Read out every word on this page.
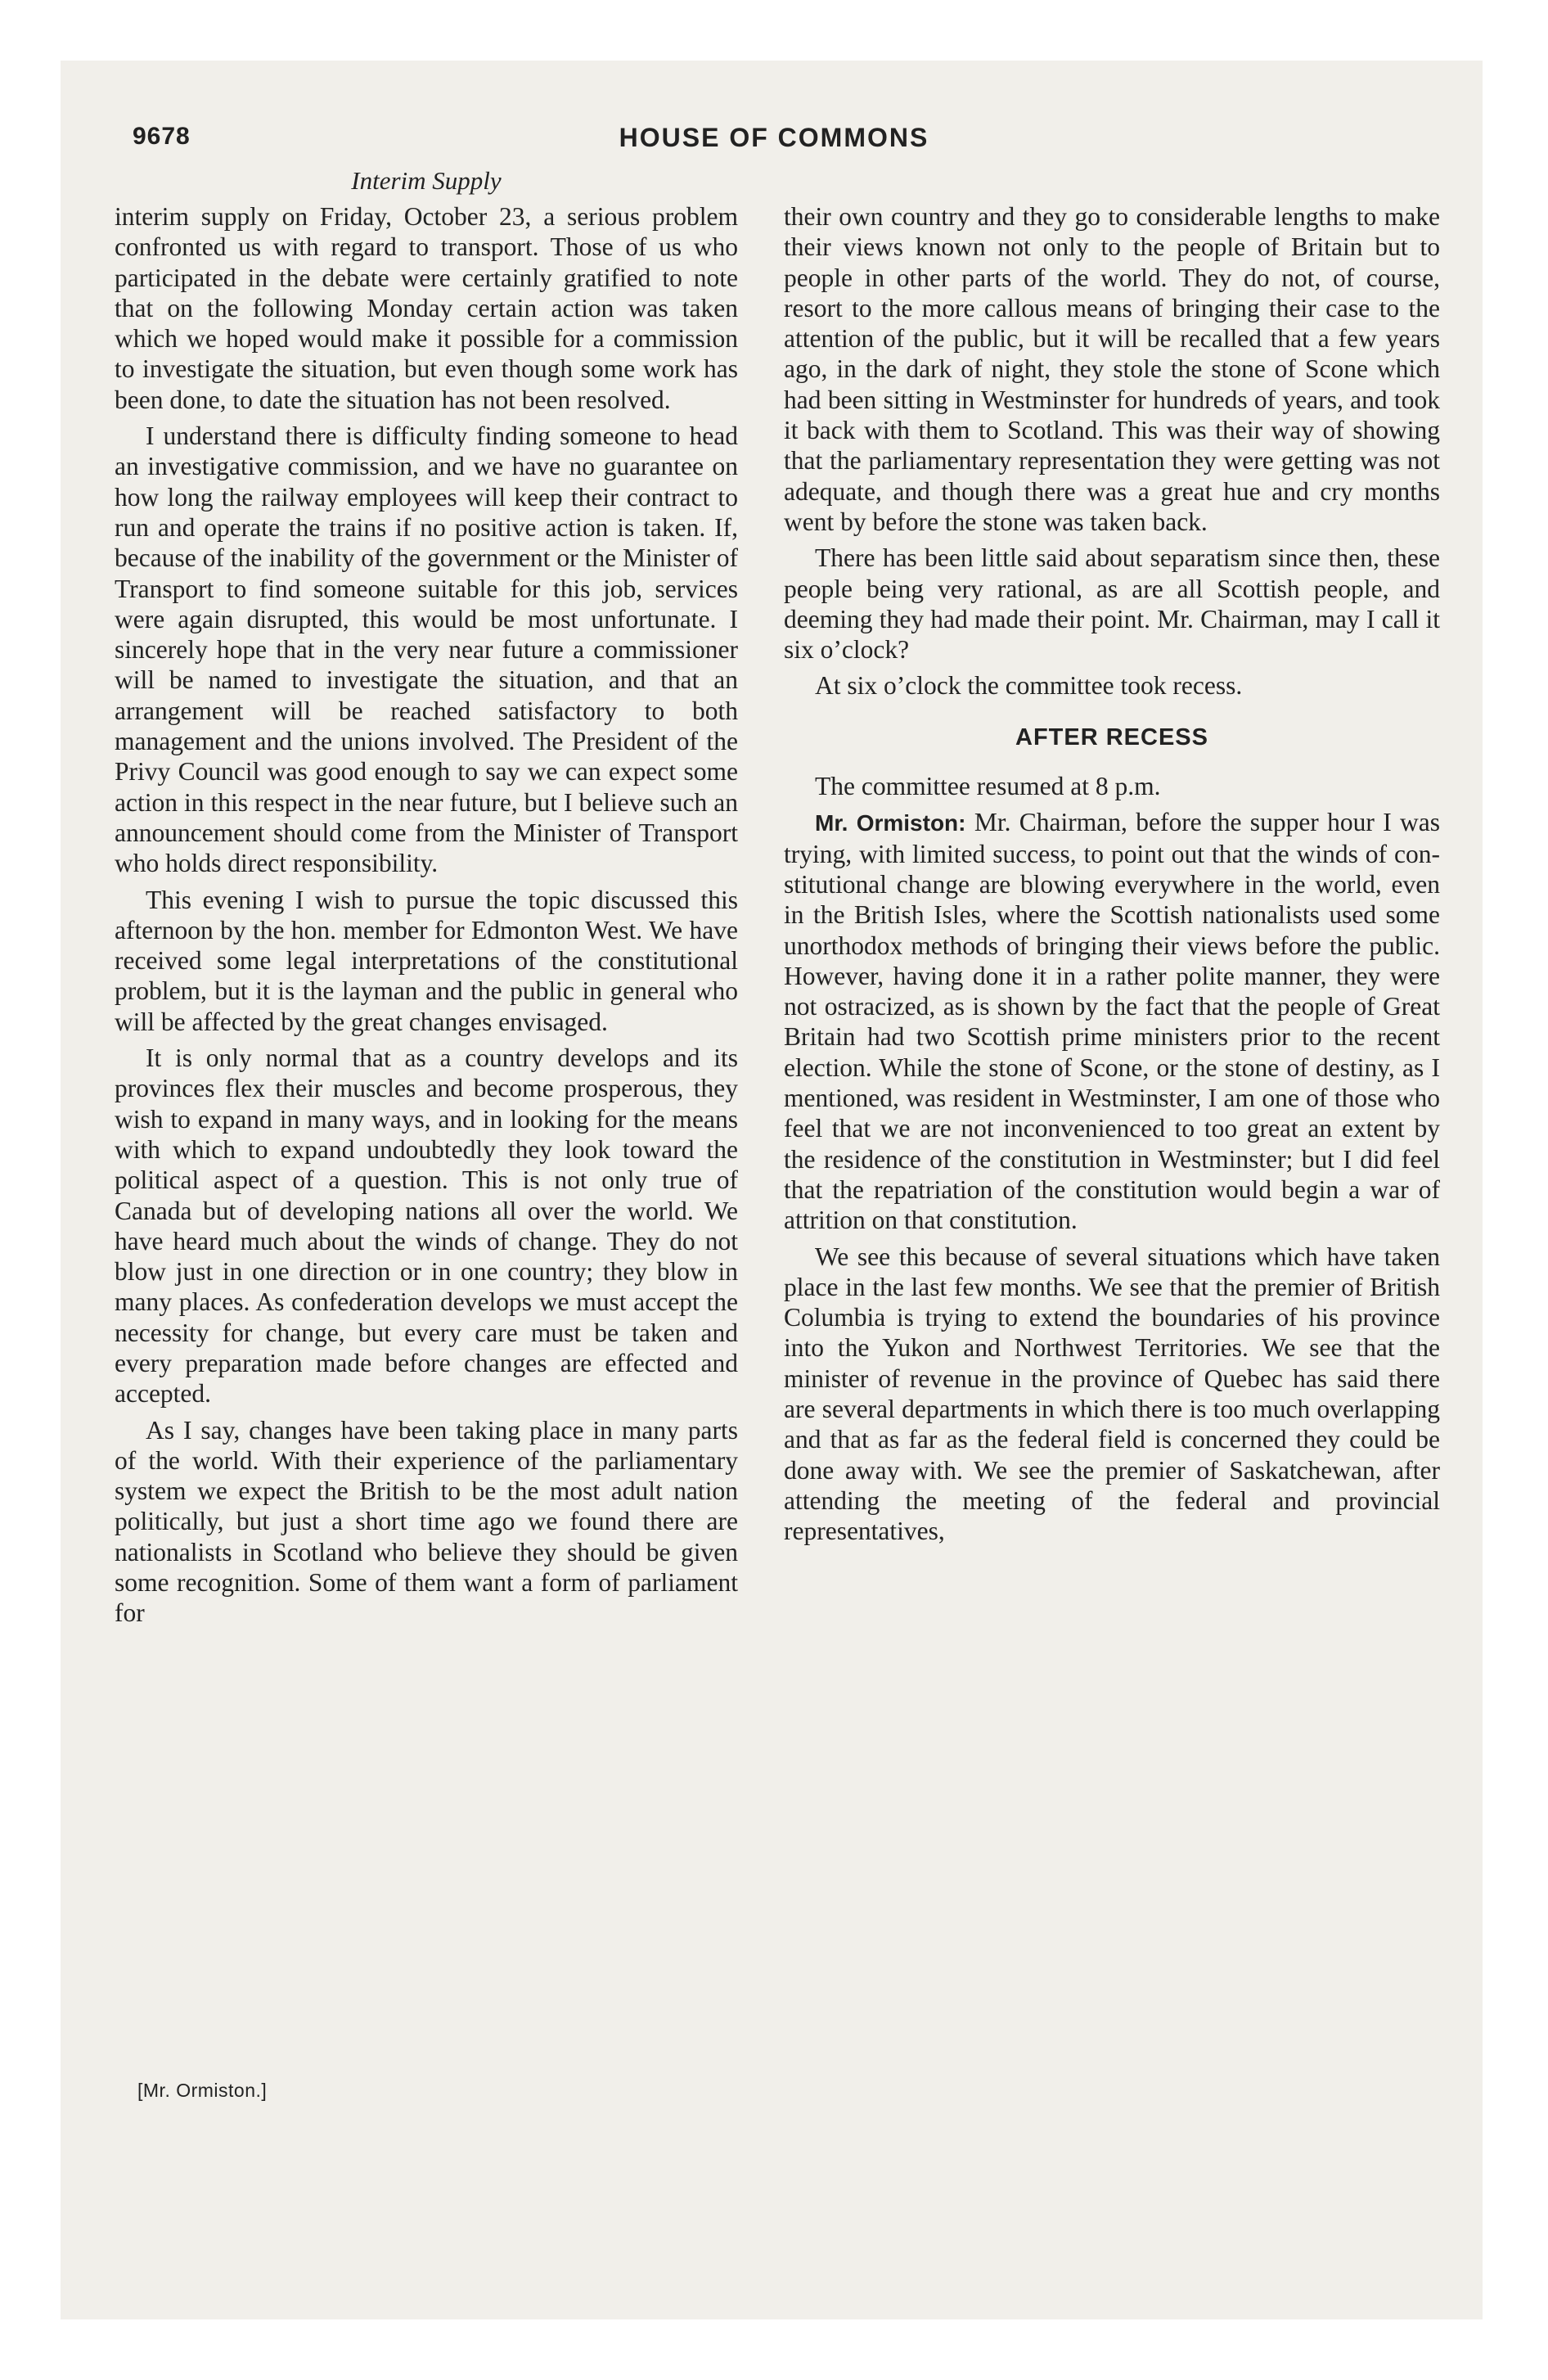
9678	HOUSE OF COMMONS
Interim Supply

interim supply on Friday, October 23, a serious problem confronted us with regard to transport. Those of us who participated in the debate were certainly gratified to note that on the following Monday certain action was taken which we hoped would make it possible for a commission to investigate the situation, but even though some work has been done, to date the situation has not been resolved.

I understand there is difficulty finding someone to head an investigative commission, and we have no guarantee on how long the railway employees will keep their contract to run and operate the trains if no positive action is taken. If, because of the inability of the government or the Minister of Transport to find someone suitable for this job, services were again disrupted, this would be most unfortunate. I sincerely hope that in the very near future a commissioner will be named to investigate the situation, and that an arrangement will be reached satisfactory to both management and the unions involved. The President of the Privy Council was good enough to say we can expect some action in this respect in the near future, but I believe such an announcement should come from the Minister of Transport who holds direct responsibility.

This evening I wish to pursue the topic discussed this afternoon by the hon. member for Edmonton West. We have received some legal interpretations of the constitutional problem, but it is the layman and the public in general who will be affected by the great changes envisaged.

It is only normal that as a country develops and its provinces flex their muscles and become prosperous, they wish to expand in many ways, and in looking for the means with which to expand undoubtedly they look toward the political aspect of a question. This is not only true of Canada but of developing nations all over the world. We have heard much about the winds of change. They do not blow just in one direction or in one country; they blow in many places. As confederation develops we must accept the necessity for change, but every care must be taken and every preparation made before changes are effected and accepted.

As I say, changes have been taking place in many parts of the world. With their experience of the parliamentary system we expect the British to be the most adult nation politically, but just a short time ago we found there are nationalists in Scotland who believe they should be given some recognition. Some of them want a form of parliament for

their own country and they go to considerable lengths to make their views known not only to the people of Britain but to people in other parts of the world. They do not, of course, resort to the more callous means of bringing their case to the attention of the public, but it will be recalled that a few years ago, in the dark of night, they stole the stone of Scone which had been sitting in Westminster for hundreds of years, and took it back with them to Scotland. This was their way of showing that the parliamentary representation they were getting was not adequate, and though there was a great hue and cry months went by before the stone was taken back.

There has been little said about separatism since then, these people being very rational, as are all Scottish people, and deeming they had made their point. Mr. Chairman, may I call it six o’clock?

At six o’clock the committee took recess.

AFTER RECESS

The committee resumed at 8 p.m.

Mr. Ormiston: Mr. Chairman, before the supper hour I was trying, with limited success, to point out that the winds of constitutional change are blowing everywhere in the world, even in the British Isles, where the Scottish nationalists used some unorthodox methods of bringing their views before the public. However, having done it in a rather polite manner, they were not ostracized, as is shown by the fact that the people of Great Britain had two Scottish prime ministers prior to the recent election. While the stone of Scone, or the stone of destiny, as I mentioned, was resident in Westminster, I am one of those who feel that we are not inconvenienced to too great an extent by the residence of the constitution in Westminster; but I did feel that the repatriation of the constitution would begin a war of attrition on that constitution.

We see this because of several situations which have taken place in the last few months. We see that the premier of British Columbia is trying to extend the boundaries of his province into the Yukon and Northwest Territories. We see that the minister of revenue in the province of Quebec has said there are several departments in which there is too much overlapping and that as far as the federal field is concerned they could be done away with. We see the premier of Saskatchewan, after attending the meeting of the federal and provincial representatives,

[Mr. Ormiston.]
